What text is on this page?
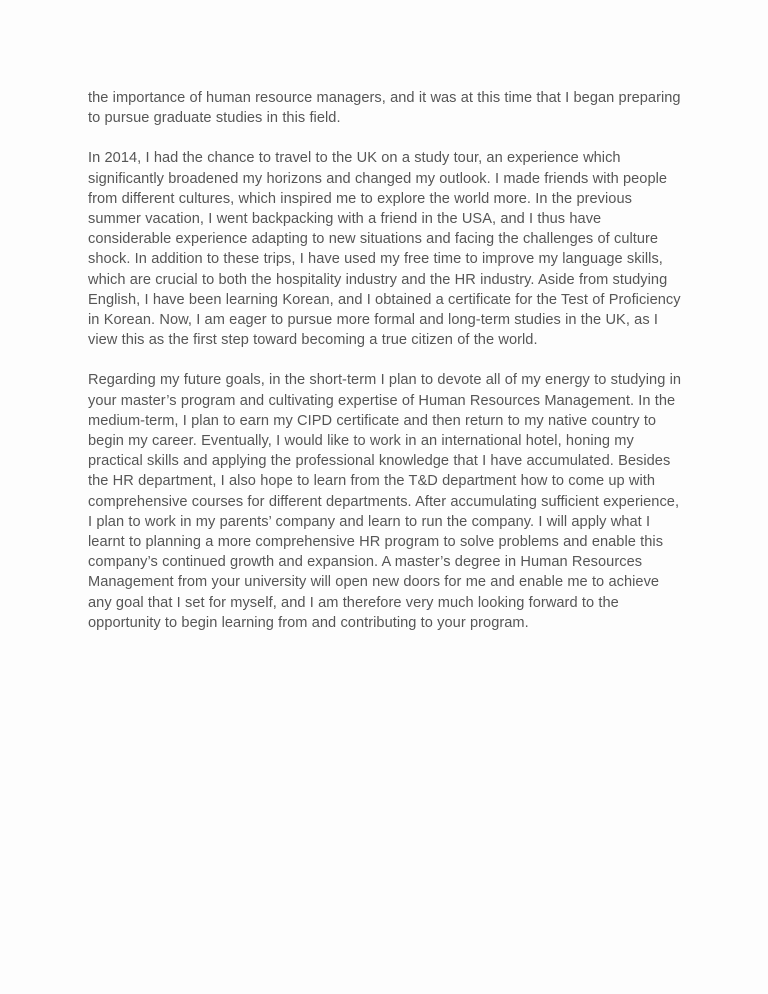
the importance of human resource managers, and it was at this time that I began preparing to pursue graduate studies in this field.

In 2014, I had the chance to travel to the UK on a study tour, an experience which significantly broadened my horizons and changed my outlook. I made friends with people from different cultures, which inspired me to explore the world more. In the previous summer vacation, I went backpacking with a friend in the USA, and I thus have considerable experience adapting to new situations and facing the challenges of culture shock. In addition to these trips, I have used my free time to improve my language skills, which are crucial to both the hospitality industry and the HR industry. Aside from studying English, I have been learning Korean, and I obtained a certificate for the Test of Proficiency in Korean. Now, I am eager to pursue more formal and long-term studies in the UK, as I view this as the first step toward becoming a true citizen of the world.

Regarding my future goals, in the short-term I plan to devote all of my energy to studying in your master’s program and cultivating expertise of Human Resources Management. In the medium-term, I plan to earn my CIPD certificate and then return to my native country to begin my career. Eventually, I would like to work in an international hotel, honing my practical skills and applying the professional knowledge that I have accumulated. Besides the HR department, I also hope to learn from the T&D department how to come up with comprehensive courses for different departments. After accumulating sufficient experience, I plan to work in my parents’ company and learn to run the company. I will apply what I learnt to planning a more comprehensive HR program to solve problems and enable this company’s continued growth and expansion. A master’s degree in Human Resources Management from your university will open new doors for me and enable me to achieve any goal that I set for myself, and I am therefore very much looking forward to the opportunity to begin learning from and contributing to your program.
